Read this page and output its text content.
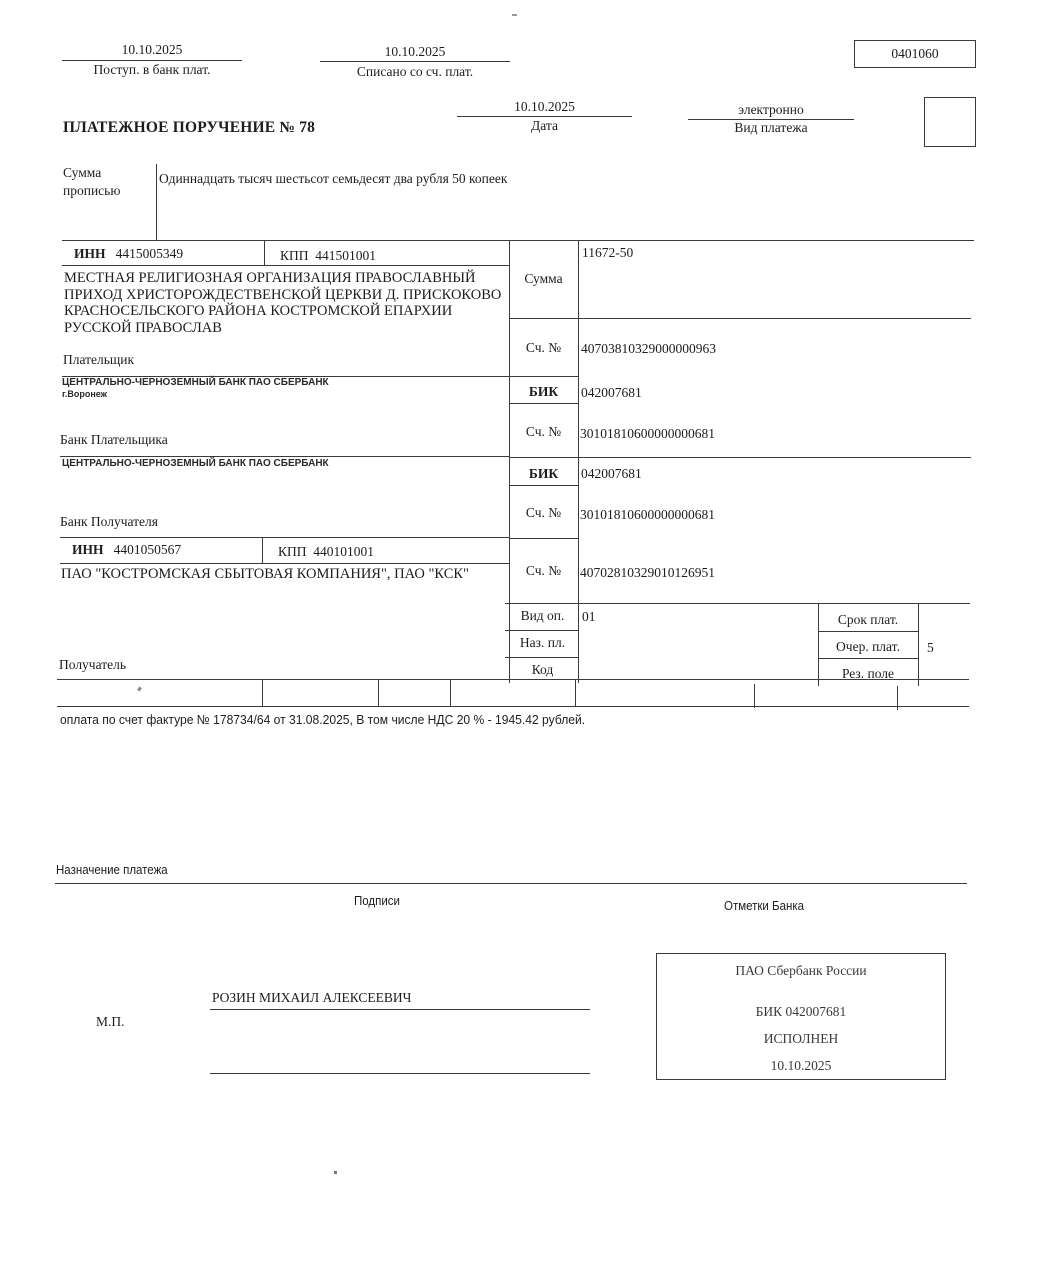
10.10.2025
Поступ. в банк плат.
10.10.2025
Списано со сч. плат.
0401060
ПЛАТЕЖНОЕ ПОРУЧЕНИЕ № 78
10.10.2025
Дата
электронно
Вид платежа
Сумма прописью
Одиннадцать тысяч шестьсот семьдесят два рубля 50 копеек
ИНН 4415005349	КПП 441501001
МЕСТНАЯ РЕЛИГИОЗНАЯ ОРГАНИЗАЦИЯ ПРАВОСЛАВНЫЙ ПРИХОД ХРИСТОРОЖДЕСТВЕНСКОЙ ЦЕРКВИ Д. ПРИСКОКОВО КРАСНОСЕЛЬСКОГО РАЙОНА КОСТРОМСКОЙ ЕПАРХИИ РУССКОЙ ПРАВОСЛАВ
Плательщик
Сумма
11672-50
Сч. №	40703810329000000963
ЦЕНТРАЛЬНО-ЧЕРНОЗЕМНЫЙ БАНК ПАО СБЕРБАНК
г.Воронеж
Банк Плательщика
БИК	042007681
Сч. №	30101810600000000681
ЦЕНТРАЛЬНО-ЧЕРНОЗЕМНЫЙ БАНК ПАО СБЕРБАНК
Банк Получателя
БИК	042007681
Сч. №	30101810600000000681
ИНН 4401050567	КПП 440101001
ПАО "КОСТРОМСКАЯ СБЫТОВАЯ КОМПАНИЯ", ПАО "КСК"
Получатель
Сч. №	40702810329010126951
Вид оп.	01
Наз. пл.
Код
Срок плат.
Очер. плат.	5
Рез. поле
оплата по счет фактуре № 178734/64 от 31.08.2025, В том числе НДС 20 % - 1945.42 рублей.
Назначение платежа
Подписи	Отметки Банка
М.П.
РОЗИН МИХАИЛ АЛЕКСЕЕВИЧ
ПАО Сбербанк России
БИК 042007681
ИСПОЛНЕН
10.10.2025
